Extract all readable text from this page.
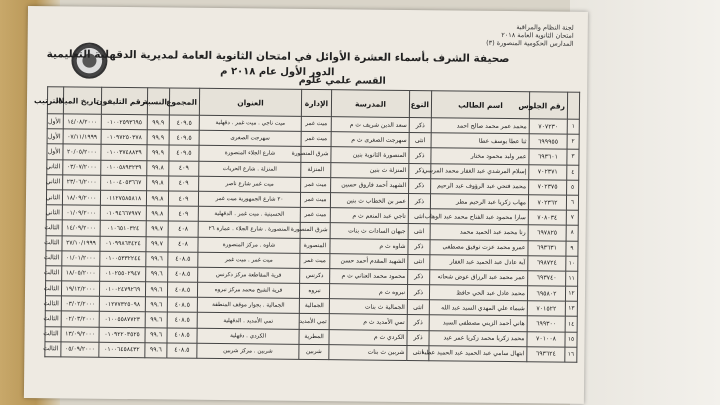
لجنة النظام والمراقبة
امتحان الثانوية العامة ٢٠١٨
المدارس الحكومية المنصورة (٣)
صحيفة الشرف بأسماء العشرة الأوائل في امتحان الثانوية العامة لمديرية الدقهلية التعليمية
الدور الأول عام ٢٠١٨ م
القسم علمي علوم
	رقم الجلوس	اسم الطالب	النوع	المدرسة	الإدارة	العنوان	المجموع	النسبة	رقم التليفون	تاريخ الميلاد	الترتيب
١	٧٠٧٢٣٠	محمد عمر محمد صالح احمد	ذكر	سعد الدين شريف ث م	ميت غمر	ميت ناجي . ميت غمر . دقهلية	٤٠٩.٥	٩٩.٩	٠١٠٠٢٥٩٣٦٩٥	١٤/٠٨/٢٠٠٠	الأول
٢	٦٩٩٩٥٥	ثنا عطا يوسف عطا	انثى	سهرجت الصغرى ث م	ميت غمر	سهرجت الصغرى	٤٠٩.٥	٩٩.٩	٠١٠٩٧٢٥٠٣٧٨	٠٧/١١/١٩٩٩	الأول
٣	٦٩٣٦٠١	عمر وليد محمود مختار	ذكر	المنصورة الثانوية بنين	شرق المنصورة	شارع الجلاء المنصورة	٤٠٩.٥	٩٩.٩	٠١٠٠٣٧٤٨٨٣٩	٢٠/٠٥/٢٠٠٠	الأول
٤	٧٠٢٣٧١	إسلام المرشدي عبد الغفار محمد المرسي	ذكر	المنزلة ث بنين	المنزلة	المنزلة . شارع الحريات	٤٠٩	٩٩.٨	٠١٠٠٥٨٩٣٢٣٩	٠٣/٠٧/٢٠٠٠	الثاني
٥	٧٠٢٣٧٥	محمد فتحي عبد الرؤوف عبد الرحيم	ذكر	الشهيد أحمد فاروق حسين	ميت غمر	ميت غمر شارع ناصر	٤٠٩	٩٩.٨	٠١٠٠٤٠٥٣٦٦٧	٢٣/٠٦/٢٠٠٠	الثاني
٦	٧٠٢٣٦٢	مهاب زكريا عبد الرحيم مطر	ذكر	عمر بن الخطاب ث بنين	ميت غمر	٢٠ شارع الجمهورية ميت غمر	٤٠٩	٩٩.٨	٠١١٢٧٥٨٥٨١٨	١٨/٠٩/٢٠٠٠	الثاني
٧	٧٠٨٠٣٤	سارا محمود عبد الفتاح محمد عبد الوهاب	انثى	تاجي عبد المنعم ث م	ميت غمر	الحسينية . ميت غمر . الدقهلية	٤٠٩	٩٩.٨	٠١٠٩٤٦٦٧٩٧٧	٠١/٠٩/٢٠٠٠	الثاني
٨	٦٩٧٨٢٥	رنا محمد عبد الحميد محمد	انثى	جيهان السادات ث بنات	شرق المنصورة	المنصورة . شارع الجلاء . عمارة ٢٦	٤٠٨	٩٩.٧	٠١٠٦٥١٠٣٢٤	١٤/٠٩/٢٠٠٠	الثالث
٩	٦٩٣٦٣١	عمرو محمد عزت توفيق مصطفى	ذكر	شاوه ث م	المنصورة	شاوه . مركز المنصورة	٤٠٨	٩٩.٧	٠١٠٩٩٨٦٣٤٢٤	٢٧/١٠/١٩٩٩	الثالث
١٠	٦٩٨٧٢٤	آية عادل عبد الحميد عبد الغفار	انثى	الشهيد المقدم أحمد حسن	ميت غمر	ميت غمر . ميت غمر	٤٠٨.٥	٩٩.٦	٠١٠٠٥٣٣٢٢٤٤	٠١/٠١/٢٠٠٠	الثالث
١١	٦٩٣٧٤٠	عمر محمد عبد الرزاق عوض شحاته	ذكر	محمود محمد العناني ث م	دكرنس	قرية المقاطعة مركز دكرنس	٤٠٨.٥	٩٩.٦	٠١٠٢٥٥٠٢٩٤٧	١٨/٠٥/٢٠٠٠	الثالث
١٢	٦٩٥٨٠٢	محمد عادل عبد الحي حافظ	ذكر	نبروه ث م	نبروه	قرية الشيخ محمد مركز نبروه	٤٠٨.٥	٩٩.٦	٠١٠٠٢٤٧٩٢٦٩	١٩/١٢/٢٠٠٠	الثالث
١٣	٧٠١٥٢٢	شيماء علي المهدي السيد عبد الله	انثى	الجمالية ث بنات	الجمالية	الجمالية . بجوار موقف المنطقة	٤٠٨.٥	٩٩.٦	٠١٢٧٧٣٢٥٠٩٨	٠٣/٠٢/٢٠٠٠	الثالث
١٤	٦٩٩٣٠٠	هاني أحمد الزيني مصطفى السيد	ذكر	تمي الأمديد ث م	تمي الأمديد	تمي الأمديد . الدقهلية	٤٠٨.٥	٩٩.٦	٠١٠٠٥٥٨٧٧٢٣	٠٢/٠٣/٢٠٠٠	الثالث
١٥	٧٠١٠٠٨	محمد زكريا محمد زكريا عمر عيد	ذكر	الكردي ث م	المطرية	الكردي . دقهلية	٤٠٨.٥	٩٩.٦	٠١٠٩٢٢٠٣٥٢٥	١٣/٠٩/٢٠٠٠	الثالث
١٦	٦٩٣٦٢٤	ابتهال سامي عبد الحميد عبد الحميد عطية	انثى	شربين ث بنات	شربين	شربين . مركز شربين	٤٠٨.٥	٩٩.٦	٠١٠٠٦٤٥٨٤٣٢	٠٥/٠٩/٢٠٠٠	الثالث
